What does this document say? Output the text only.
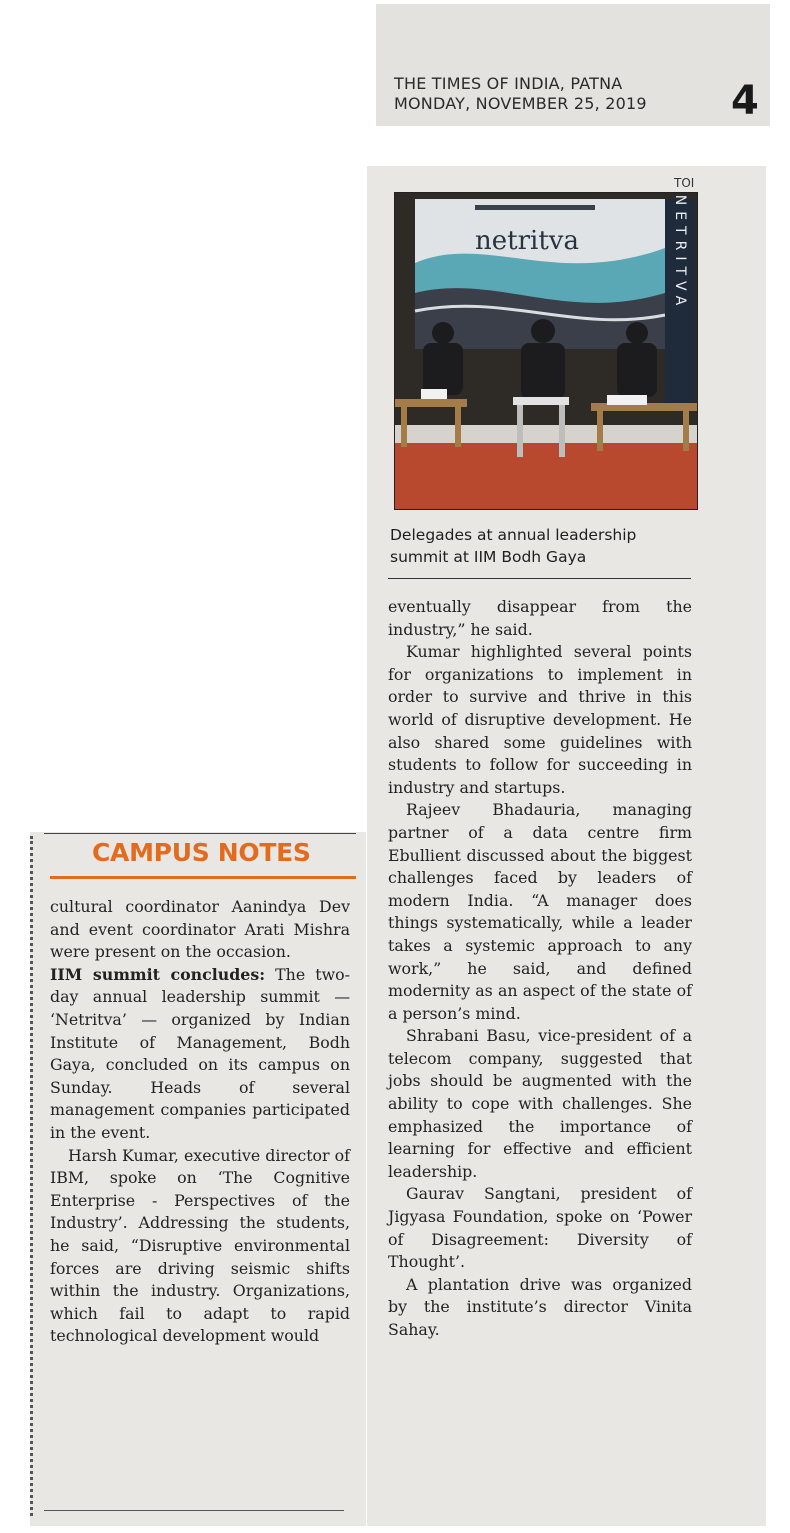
THE TIMES OF INDIA, PATNA
MONDAY, NOVEMBER 25, 2019 4
TOI
netritva	NETRITVA
Delegades at annual leadership summit at IIM Bodh Gaya

eventually disappear from the industry,” he said.

Kumar highlighted several points for organizations to implement in order to survive and thrive in this world of disruptive development. He also shared some guidelines with students to follow for succeeding in industry and startups.

Rajeev Bhadauria, managing partner of a data centre firm Ebullient discussed about the biggest challenges faced by leaders of modern India. “A manager does things systematically, while a leader takes a systemic approach to any work,” he said, and defined modernity as an aspect of the state of a person’s mind.

Shrabani Basu, vice-president of a telecom company, suggested that jobs should be augmented with the ability to cope with challenges. She emphasized the importance of learning for effective and efficient leadership.

Gaurav Sangtani, president of Jigyasa Foundation, spoke on ‘Power of Disagreement: Diversity of Thought’.

A plantation drive was organized by the institute’s director Vinita Sahay.

CAMPUS NOTES

cultural coordinator Aanindya Dev and event coordinator Arati Mishra were present on the occasion.

IIM summit concludes: The two-day annual leadership summit — ‘Netritva’ — organized by Indian Institute of Management, Bodh Gaya, concluded on its campus on Sunday. Heads of several management companies participated in the event.

Harsh Kumar, executive director of IBM, spoke on ‘The Cognitive Enterprise - Perspectives of the Industry’. Addressing the students, he said, “Disruptive environmental forces are driving seismic shifts within the industry. Organizations, which fail to adapt to rapid technological development would
